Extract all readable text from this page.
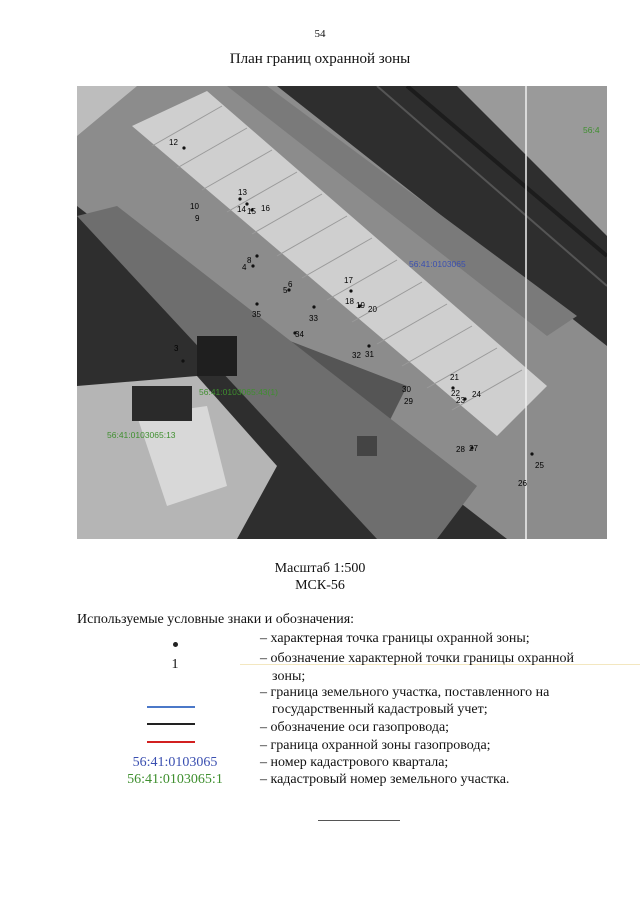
54
План границ охранной зоны
12
13
14 15 16
10
9
8
4
5
6	17
18 19 20
35	33
34
3
32 31
21
22
23
24
30
29
28 27
25
26
56:41:0103065
56:41:0103065:43(1)
56:41:0103065:13
56:4
Масштаб 1:500
МСК-56
Используемые условные знаки и обозначения:
– характерная точка границы охранной зоны;
1	– обозначение характерной точки границы охранной
зоны;
– граница земельного участка, поставленного на
государственный кадастровый учет;
– обозначение оси газопровода;
– граница охранной зоны газопровода;
56:41:0103065	– номер кадастрового квартала;
56:41:0103065:1	– кадастровый номер земельного участка.
